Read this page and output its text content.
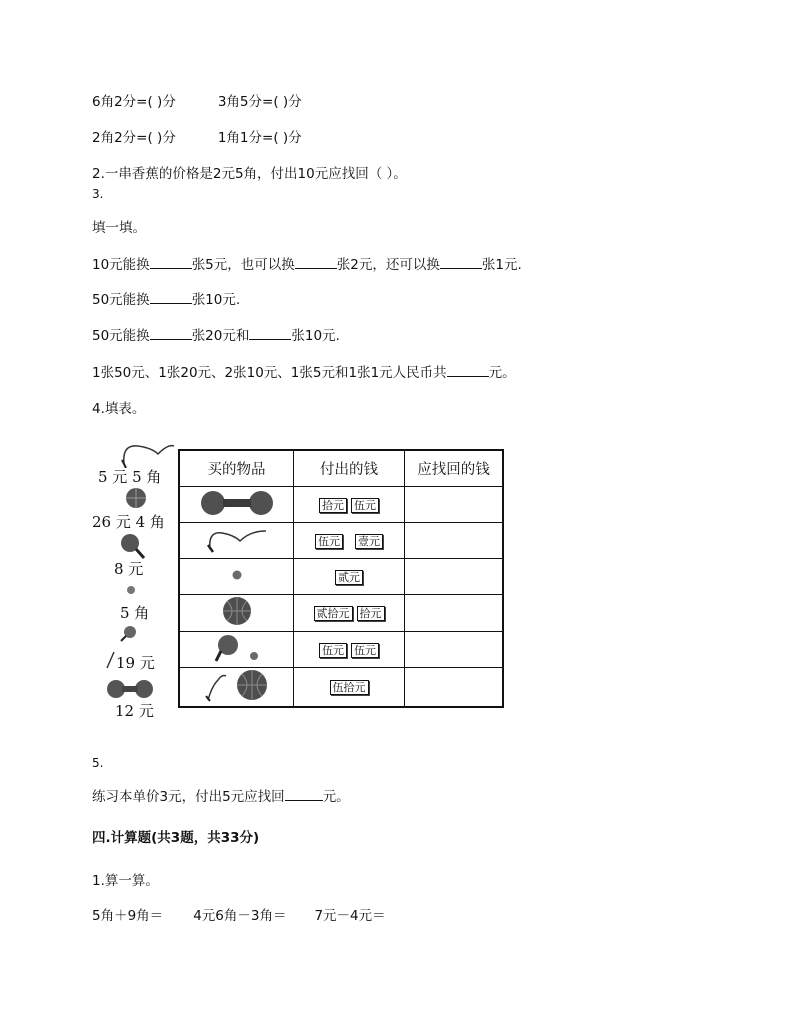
6角2分=( )分	3角5分=( )分
2角2分=( )分	1角1分=( )分
2.一串香蕉的价格是2元5角，付出10元应找回（ ）。
3.
填一填。
10元能换	张5元，也可以换	张2元，还可以换	张1元.
50元能换	张10元.
50元能换	张20元和	张10元.
1张50元、1张20元、2张10元、1张5元和1张1元人民币共	元。
4.填表。
5 元 5 角
26 元 4 角
8 元
5 角
19 元
12 元
买的物品	付出的钱	应找回的钱
	拾元 伍元	
	伍元 壹元	
	贰元	
	贰拾元 拾元	
	伍元 伍元	
	伍拾元	
5.
练习本单价3元，付出5元应找回	元。
四.计算题(共3题，共33分)
1.算一算。
5角＋9角＝ 4元6角－3角＝ 7元－4元＝
